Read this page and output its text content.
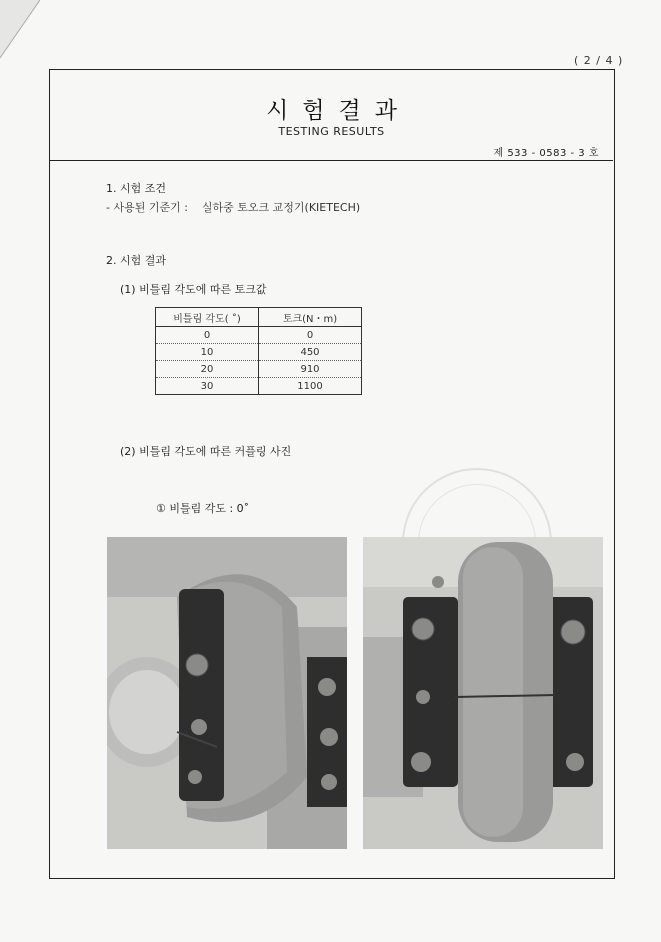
( 2 / 4 )
시험결과
TESTING RESULTS
제 533 - 0583 - 3 호
1. 시험 조건
- 사용된 기준기 : 실하중 토오크 교정기(KIETECH)
2. 시험 결과
(1) 비틀림 각도에 따른 토크값
비틀림 각도( ˚)	토크(N・m)
0	0
10	450
20	910
30	1100
(2) 비틀림 각도에 따른 커플링 사진
① 비틀림 각도 : 0˚
